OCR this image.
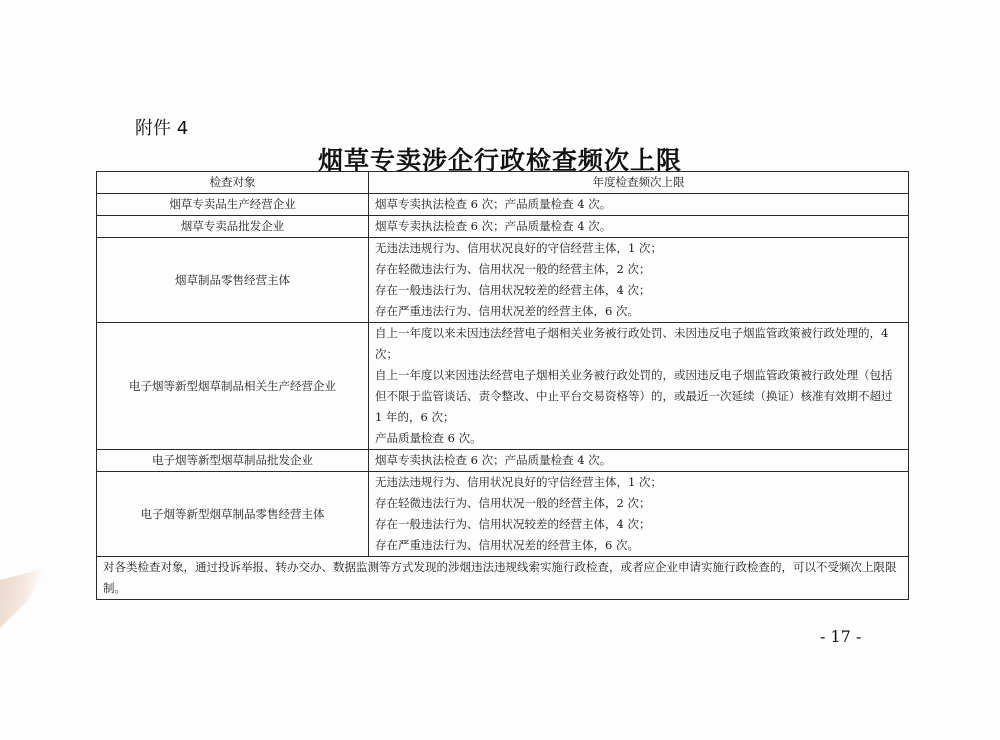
附件 4
烟草专卖涉企行政检查频次上限
检查对象	年度检查频次上限
烟草专卖品生产经营企业	烟草专卖执法检查 6 次；产品质量检查 4 次。

烟草专卖品批发企业	烟草专卖执法检查 6 次；产品质量检查 4 次。

烟草制品零售经营主体	无违法违规行为、信用状况良好的守信经营主体，1 次；
存在轻微违法行为、信用状况一般的经营主体，2 次；
存在一般违法行为、信用状况较差的经营主体，4 次；
存在严重违法行为、信用状况差的经营主体，6 次。

电子烟等新型烟草制品相关生产经营企业	自上一年度以来未因违法经营电子烟相关业务被行政处罚、未因违反电子烟监管政策被行政处理的，4 次；
自上一年度以来因违法经营电子烟相关业务被行政处罚的，或因违反电子烟监管政策被行政处理（包括但不限于监管谈话、责令整改、中止平台交易资格等）的，或最近一次延续（换证）核准有效期不超过 1 年的，6 次；
产品质量检查 6 次。

电子烟等新型烟草制品批发企业	烟草专卖执法检查 6 次；产品质量检查 4 次。

电子烟等新型烟草制品零售经营主体	无违法违规行为、信用状况良好的守信经营主体，1 次；
存在轻微违法行为、信用状况一般的经营主体，2 次；
存在一般违法行为、信用状况较差的经营主体，4 次；
存在严重违法行为、信用状况差的经营主体，6 次。

对各类检查对象，通过投诉举报、转办交办、数据监测等方式发现的涉烟违法违规线索实施行政检查，或者应企业申请实施行政检查的，可以不受频次上限限制。	
- 17 -
